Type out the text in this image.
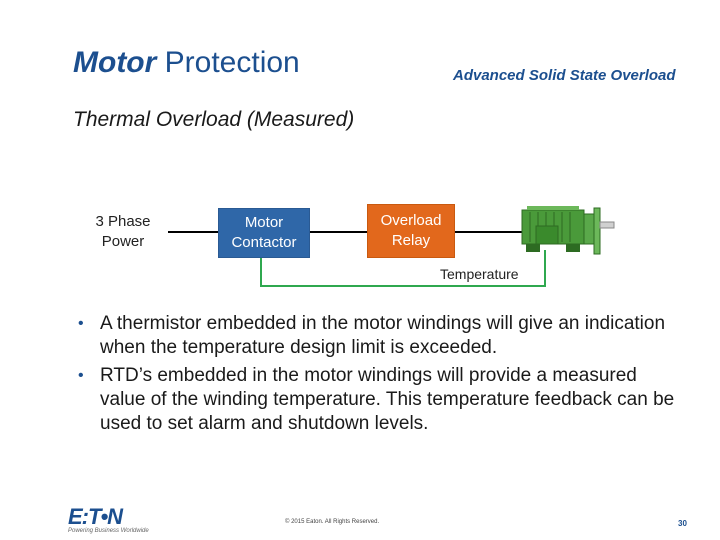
Motor Protection	Advanced Solid State Overload
Thermal Overload (Measured)
3 Phase
Power
Motor
Contactor
Overload
Relay
Temperature
• A thermistor embedded in the motor windings will give an indication when the temperature design limit is exceeded.
• RTD’s embedded in the motor windings will provide a measured value of the winding temperature. This temperature feedback can be used to set alarm and shutdown levels.
E:T•N
Powering Business Worldwide
© 2015 Eaton. All Rights Reserved.	30
